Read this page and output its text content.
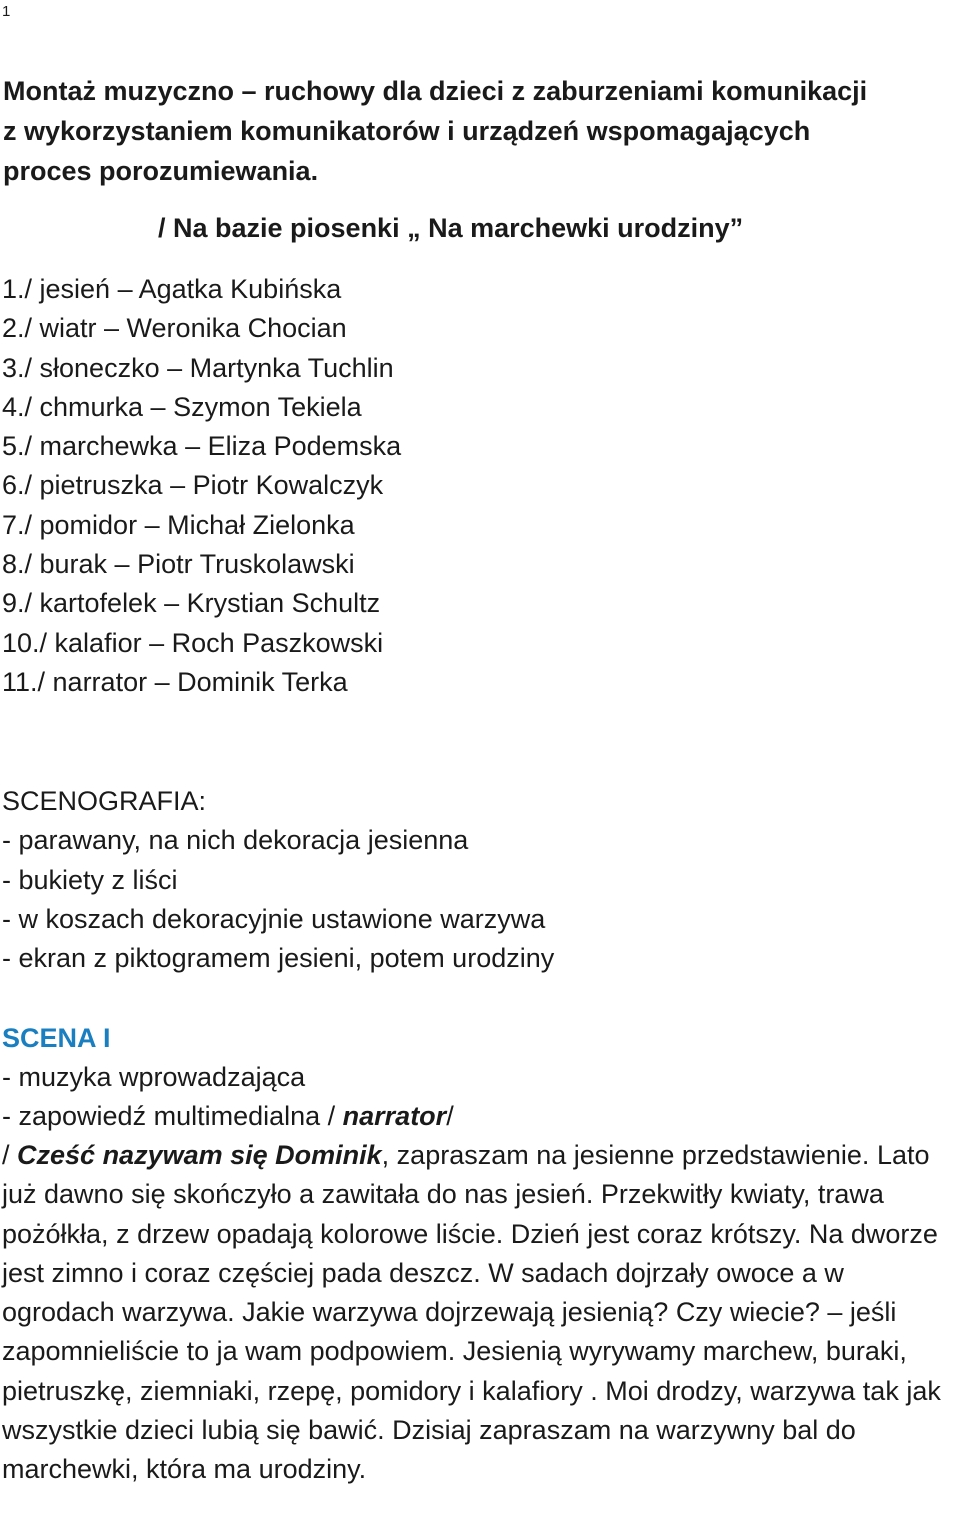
1
Montaż muzyczno – ruchowy dla dzieci z zaburzeniami komunikacji
z wykorzystaniem komunikatorów i urządzeń wspomagających
proces porozumiewania.
/ Na bazie piosenki „ Na marchewki urodziny”
1./ jesień – Agatka Kubińska
2./ wiatr – Weronika Chocian
3./ słoneczko – Martynka Tuchlin
4./ chmurka – Szymon Tekiela
5./ marchewka – Eliza Podemska
6./ pietruszka – Piotr Kowalczyk
7./ pomidor – Michał Zielonka
8./ burak – Piotr Truskolawski
9./ kartofelek – Krystian Schultz
10./ kalafior – Roch Paszkowski
11./ narrator – Dominik Terka
SCENOGRAFIA:
- parawany, na nich dekoracja jesienna
- bukiety z liści
- w koszach dekoracyjnie ustawione warzywa
- ekran z piktogramem jesieni, potem urodziny
SCENA I
- muzyka wprowadzająca
- zapowiedź multimedialna / narrator/

/ Cześć nazywam się Dominik, zapraszam na jesienne przedstawienie. Lato już dawno się skończyło a zawitała do nas jesień. Przekwitły kwiaty, trawa pożółkła, z drzew opadają kolorowe liście. Dzień jest coraz krótszy. Na dworze jest zimno i coraz częściej pada deszcz. W sadach dojrzały owoce a w ogrodach warzywa. Jakie warzywa dojrzewają jesienią? Czy wiecie? – jeśli zapomnieliście to ja wam podpowiem. Jesienią wyrywamy marchew, buraki, pietruszkę, ziemniaki, rzepę, pomidory i kalafiory . Moi drodzy, warzywa tak jak wszystkie dzieci lubią się bawić. Dzisiaj zapraszam na warzywny bal do marchewki, która ma urodziny.
